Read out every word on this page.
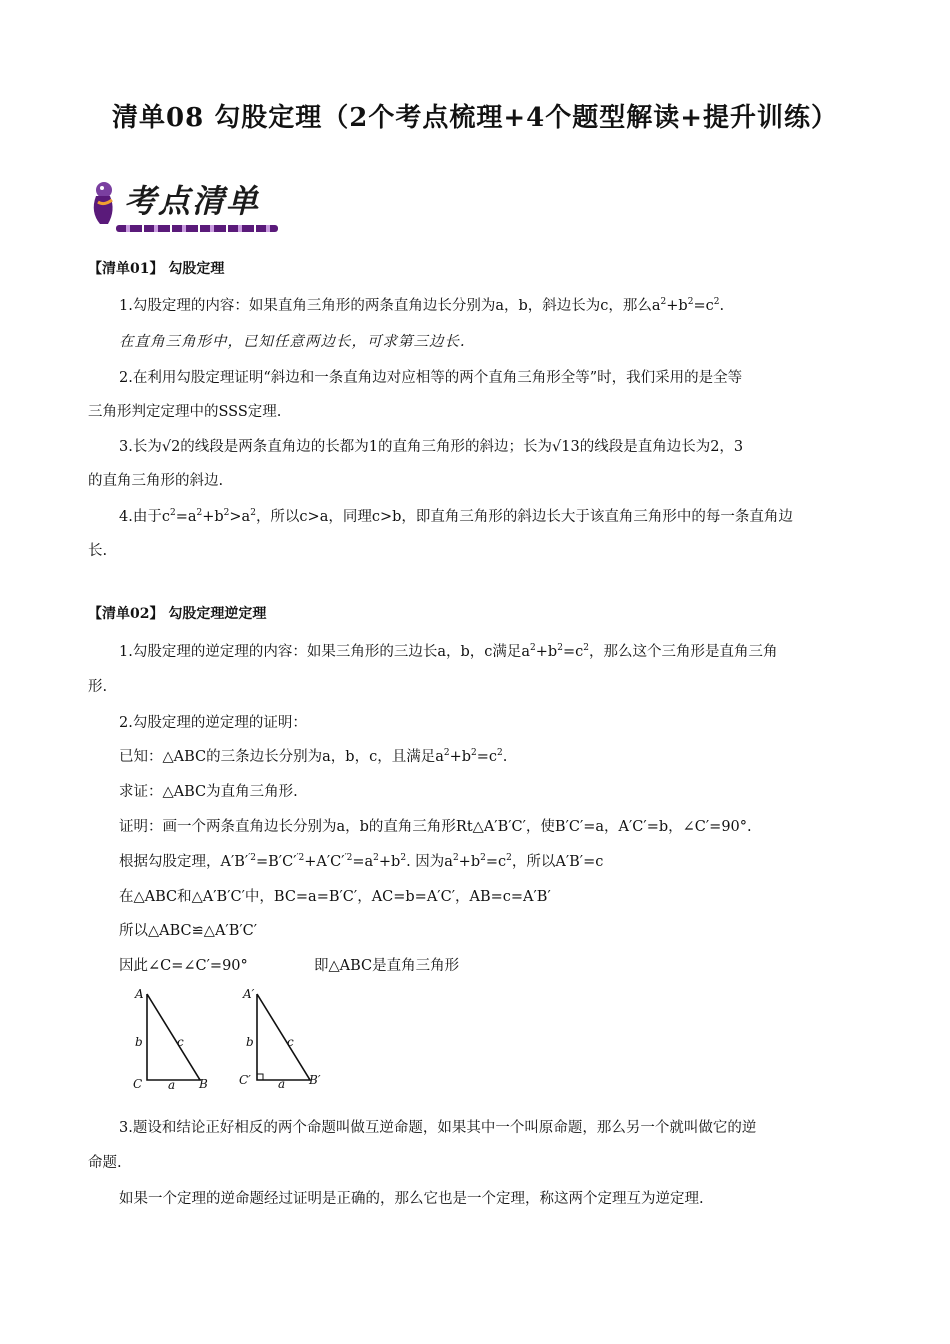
清单08 勾股定理（2个考点梳理+4个题型解读+提升训练）
考点清单
【清单01】 勾股定理
1.勾股定理的内容：如果直角三角形的两条直角边长分别为a，b，斜边长为c，那么$a^2+b^2=c^2$.
在直角三角形中，已知任意两边长，可求第三边长.
2.在利用勾股定理证明“斜边和一条直角边对应相等的两个直角三角形全等”时，我们采用的是全等
三角形判定定理中的SSS定理.
3.长为√2的线段是两条直角边的长都为1的直角三角形的斜边；长为√13的线段是直角边长为2，3
的直角三角形的斜边.
4.由于$c^2=a^2+b^2>a^2$，所以c>a，同理c>b，即直角三角形的斜边长大于该直角三角形中的每一条直角边
长.
【清单02】 勾股定理逆定理
1.勾股定理的逆定理的内容：如果三角形的三边长a，b，c满足$a^2+b^2=c^2$，那么这个三角形是直角三角
形.
2.勾股定理的逆定理的证明：
已知：△ABC的三条边长分别为a，b，c，且满足$a^2+b^2=c^2$.
求证：△ABC为直角三角形.
证明：画一个两条直角边长分别为a，b的直角三角形Rt△A′B′C′，使B′C′=a，A′C′=b，∠C′=90°.
根据勾股定理，$A'B'^{'2}=B'C'^{'2}+A'C'^{'2}=a^2+b^2$. 因为$a^2+b^2=c^2$，所以A′B′=c
在△ABC和△A′B′C′中，BC=a=B′C′，AC=b=A′C′，AB=c=A′B′
所以△ABC≌△A′B′C′
因此∠C=∠C′=90°	即△ABC是直角三角形
A
C	B
b
a
c
A′
C′	B′
b
a
c
3.题设和结论正好相反的两个命题叫做互逆命题，如果其中一个叫原命题，那么另一个就叫做它的逆
命题.
如果一个定理的逆命题经过证明是正确的，那么它也是一个定理，称这两个定理互为逆定理.
